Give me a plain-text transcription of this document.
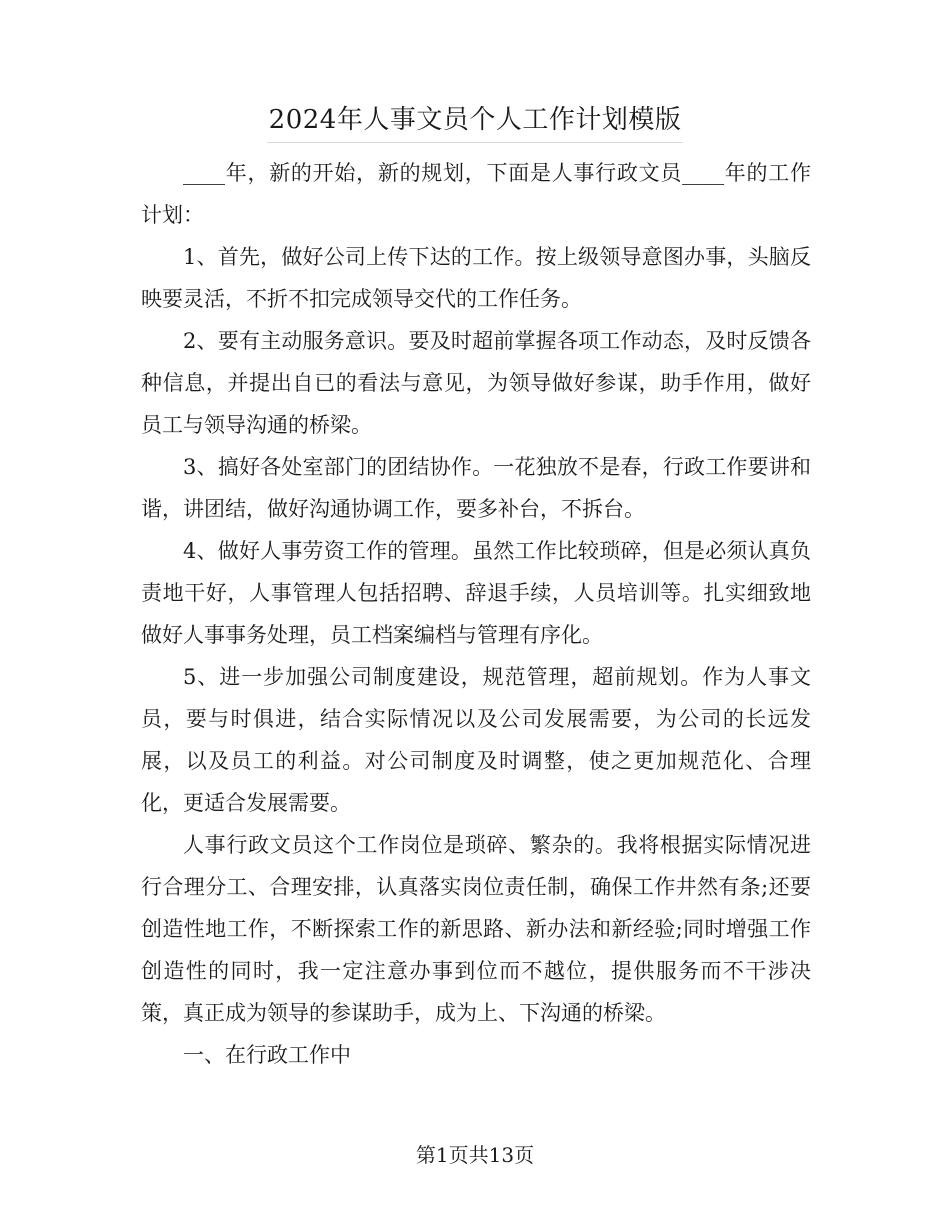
2024年人事文员个人工作计划模版

____年，新的开始，新的规划，下面是人事行政文员____年的工作计划：

1、首先，做好公司上传下达的工作。按上级领导意图办事，头脑反映要灵活，不折不扣完成领导交代的工作任务。

2、要有主动服务意识。要及时超前掌握各项工作动态，及时反馈各种信息，并提出自已的看法与意见，为领导做好参谋，助手作用，做好员工与领导沟通的桥梁。

3、搞好各处室部门的团结协作。一花独放不是春，行政工作要讲和谐，讲团结，做好沟通协调工作，要多补台，不拆台。

4、做好人事劳资工作的管理。虽然工作比较琐碎，但是必须认真负责地干好，人事管理人包括招聘、辞退手续，人员培训等。扎实细致地做好人事事务处理，员工档案编档与管理有序化。

5、进一步加强公司制度建设，规范管理，超前规划。作为人事文员，要与时俱进，结合实际情况以及公司发展需要，为公司的长远发展，以及员工的利益。对公司制度及时调整，使之更加规范化、合理化，更适合发展需要。

人事行政文员这个工作岗位是琐碎、繁杂的。我将根据实际情况进行合理分工、合理安排，认真落实岗位责任制，确保工作井然有条;还要创造性地工作，不断探索工作的新思路、新办法和新经验;同时增强工作创造性的同时，我一定注意办事到位而不越位，提供服务而不干涉决策，真正成为领导的参谋助手，成为上、下沟通的桥梁。

一、在行政工作中

第1页共13页
